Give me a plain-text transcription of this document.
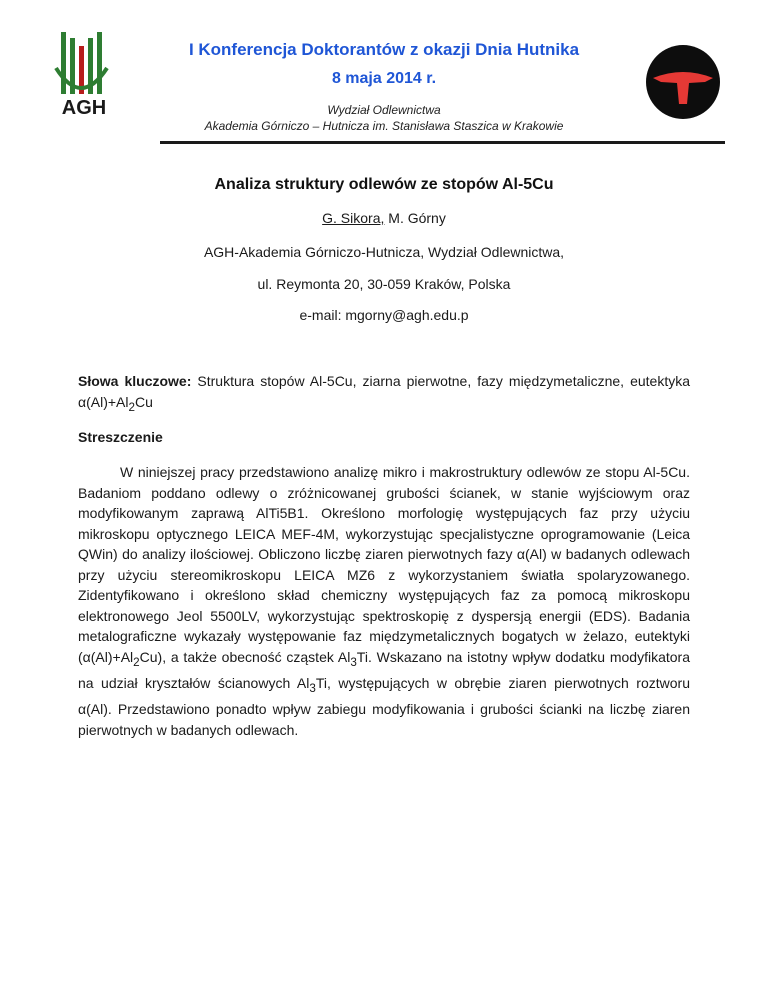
AGH
I Konferencja Doktorantów z okazji Dnia Hutnika
8 maja 2014 r.
Wydział Odlewnictwa
Akademia Górniczo – Hutnicza im. Stanisława Staszica w Krakowie
Analiza struktury odlewów ze stopów Al-5Cu
G. Sikora, M. Górny
AGH-Akademia Górniczo-Hutnicza, Wydział Odlewnictwa,
ul. Reymonta 20, 30-059 Kraków, Polska
e-mail: mgorny@agh.edu.p
Słowa kluczowe: Struktura stopów Al-5Cu, ziarna pierwotne, fazy międzymetaliczne, eutektyka $\alpha(Al)+Al_2Cu$
Streszczenie
W niniejszej pracy przedstawiono analizę mikro i makrostruktury odlewów ze stopu Al-5Cu. Badaniom poddano odlewy o zróżnicowanej grubości ścianek, w stanie wyjściowym oraz modyfikowanym zaprawą AlTi5B1. Określono morfologię występujących faz przy użyciu mikroskopu optycznego LEICA MEF-4M, wykorzystując specjalistyczne oprogramowanie (Leica QWin) do analizy ilościowej. Obliczono liczbę ziaren pierwotnych fazy α(Al) w badanych odlewach przy użyciu stereomikroskopu LEICA MZ6 z wykorzystaniem światła spolaryzowanego. Zidentyfikowano i określono skład chemiczny występujących faz za pomocą mikroskopu elektronowego Jeol 5500LV, wykorzystując spektroskopię z dyspersją energii (EDS). Badania metalograficzne wykazały występowanie faz międzymetalicznych bogatych w żelazo, eutektyki $(\alpha(Al)+Al_2Cu)$, a także obecność cząstek $Al_3Ti$. Wskazano na istotny wpływ dodatku modyfikatora na udział kryształów ścianowych $Al_3Ti$, występujących w obrębie ziaren pierwotnych roztworu α(Al). Przedstawiono ponadto wpływ zabiegu modyfikowania i grubości ścianki na liczbę ziaren pierwotnych w badanych odlewach.
